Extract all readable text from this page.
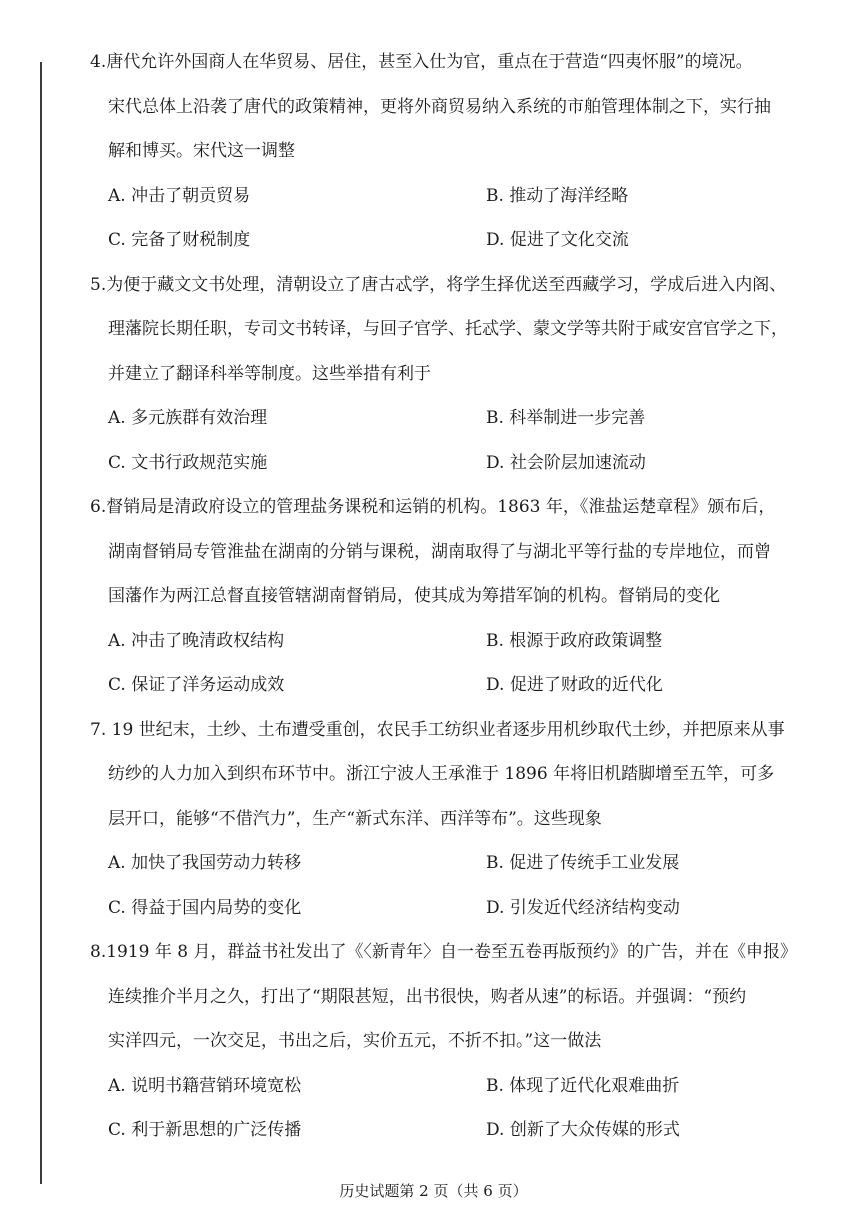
4.唐代允许外国商人在华贸易、居住，甚至入仕为官，重点在于营造“四夷怀服”的境况。
宋代总体上沿袭了唐代的政策精神，更将外商贸易纳入系统的市舶管理体制之下，实行抽
解和博买。宋代这一调整
A. 冲击了朝贡贸易	B. 推动了海洋经略
C. 完备了财税制度	D. 促进了文化交流
5.为便于藏文文书处理，清朝设立了唐古忒学，将学生择优送至西藏学习，学成后进入内阁、
理藩院长期任职，专司文书转译，与回子官学、托忒学、蒙文学等共附于咸安宫官学之下，
并建立了翻译科举等制度。这些举措有利于
A. 多元族群有效治理	B. 科举制进一步完善
C. 文书行政规范实施	D. 社会阶层加速流动
6.督销局是清政府设立的管理盐务课税和运销的机构。1863 年，《淮盐运楚章程》颁布后，
湖南督销局专管淮盐在湖南的分销与课税，湖南取得了与湖北平等行盐的专岸地位，而曾
国藩作为两江总督直接管辖湖南督销局，使其成为筹措军饷的机构。督销局的变化
A. 冲击了晚清政权结构	B. 根源于政府政策调整
C. 保证了洋务运动成效	D. 促进了财政的近代化
7. 19 世纪末，土纱、土布遭受重创，农民手工纺织业者逐步用机纱取代土纱，并把原来从事
纺纱的人力加入到织布环节中。浙江宁波人王承淮于 1896 年将旧机踏脚增至五竿，可多
层开口，能够“不借汽力”，生产“新式东洋、西洋等布”。这些现象
A. 加快了我国劳动力转移	B. 促进了传统手工业发展
C. 得益于国内局势的变化	D. 引发近代经济结构变动
8.1919 年 8 月，群益书社发出了《〈新青年〉自一卷至五卷再版预约》的广告，并在《申报》
连续推介半月之久，打出了“期限甚短，出书很快，购者从速”的标语。并强调：“预约
实洋四元，一次交足，书出之后，实价五元，不折不扣。”这一做法
A. 说明书籍营销环境宽松	B. 体现了近代化艰难曲折
C. 利于新思想的广泛传播	D. 创新了大众传媒的形式
历史试题第 2 页（共 6 页）
